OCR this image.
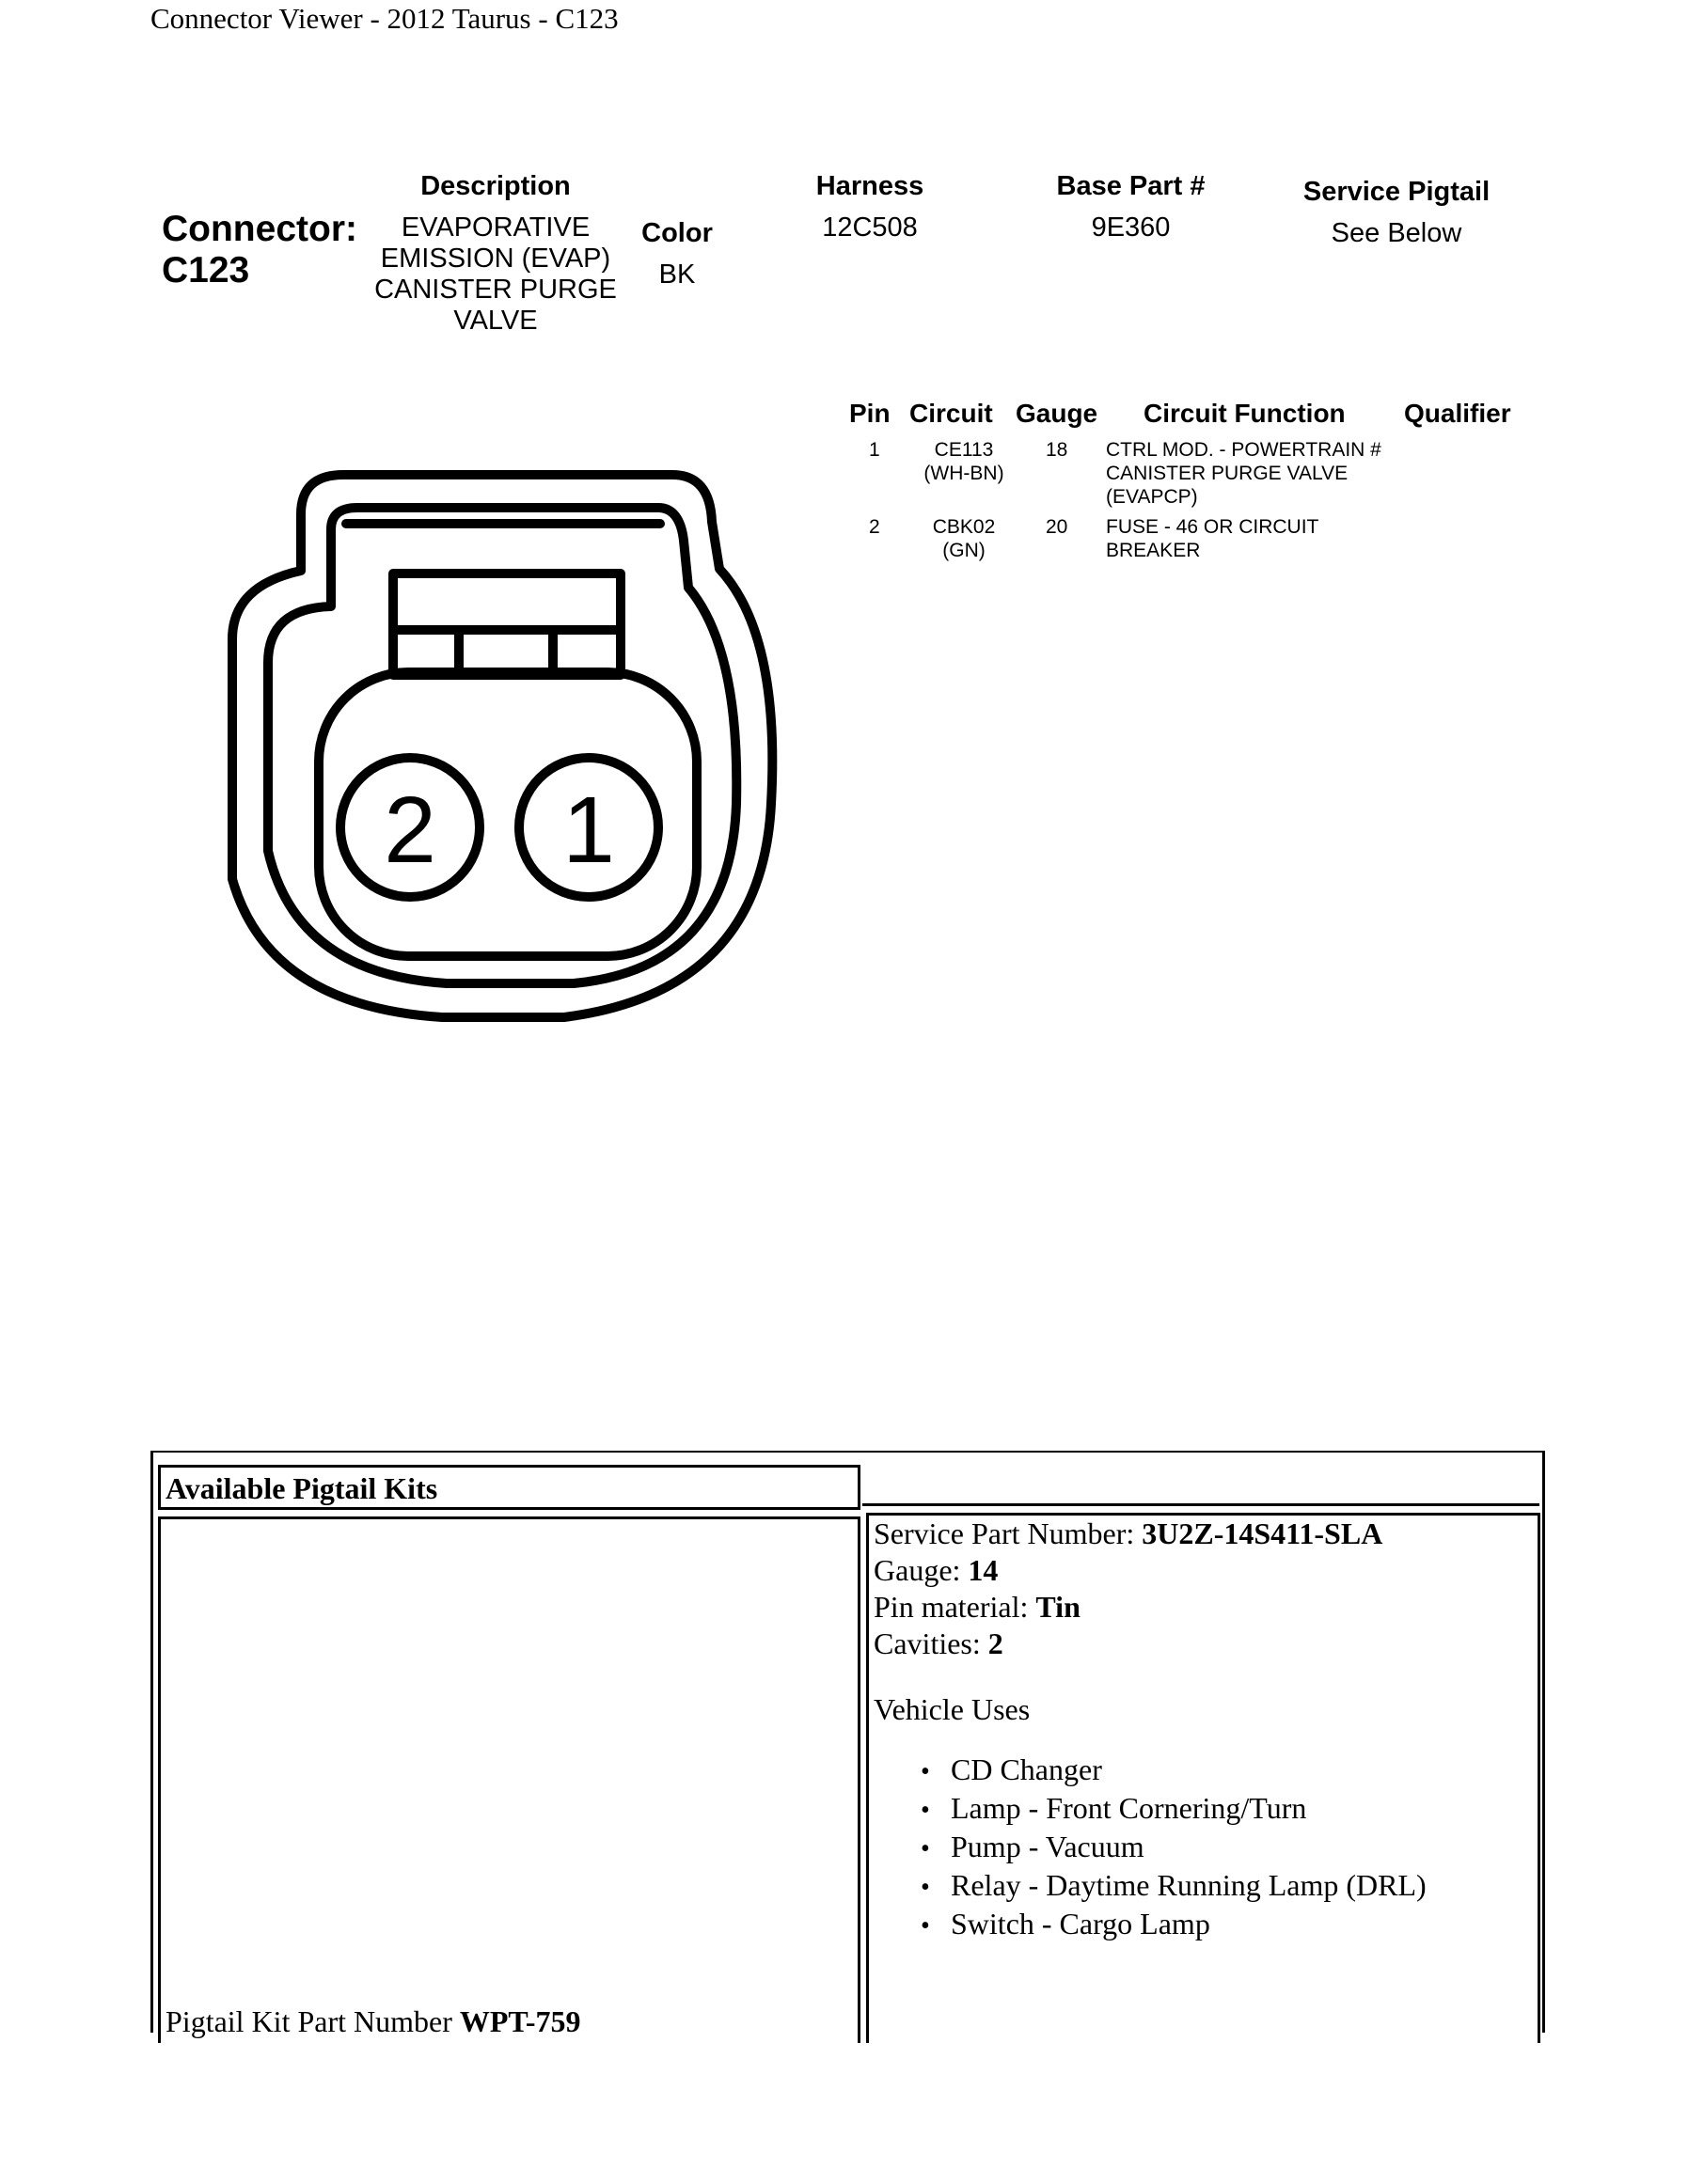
Connector Viewer - 2012 Taurus - C123
Description
Connector:
C123
EVAPORATIVE
EMISSION (EVAP)
CANISTER PURGE
VALVE
Color
BK
Harness
12C508
Base Part #
9E360
Service Pigtail
See Below
Pin Circuit Gauge Circuit Function Qualifier
1	CE113
(WH-BN)
18 CTRL MOD. - POWERTRAIN #
CANISTER PURGE VALVE
(EVAPCP)
2	CBK02
(GN)
20 FUSE - 46 OR CIRCUIT
BREAKER
2 1
Available Pigtail Kits
Pigtail Kit Part Number WPT-759
Service Part Number: 3U2Z-14S411-SLA
Gauge: 14
Pin material: Tin
Cavities: 2
Vehicle Uses
• CD Changer
• Lamp - Front Cornering/Turn
• Pump - Vacuum
• Relay - Daytime Running Lamp (DRL)
• Switch - Cargo Lamp
